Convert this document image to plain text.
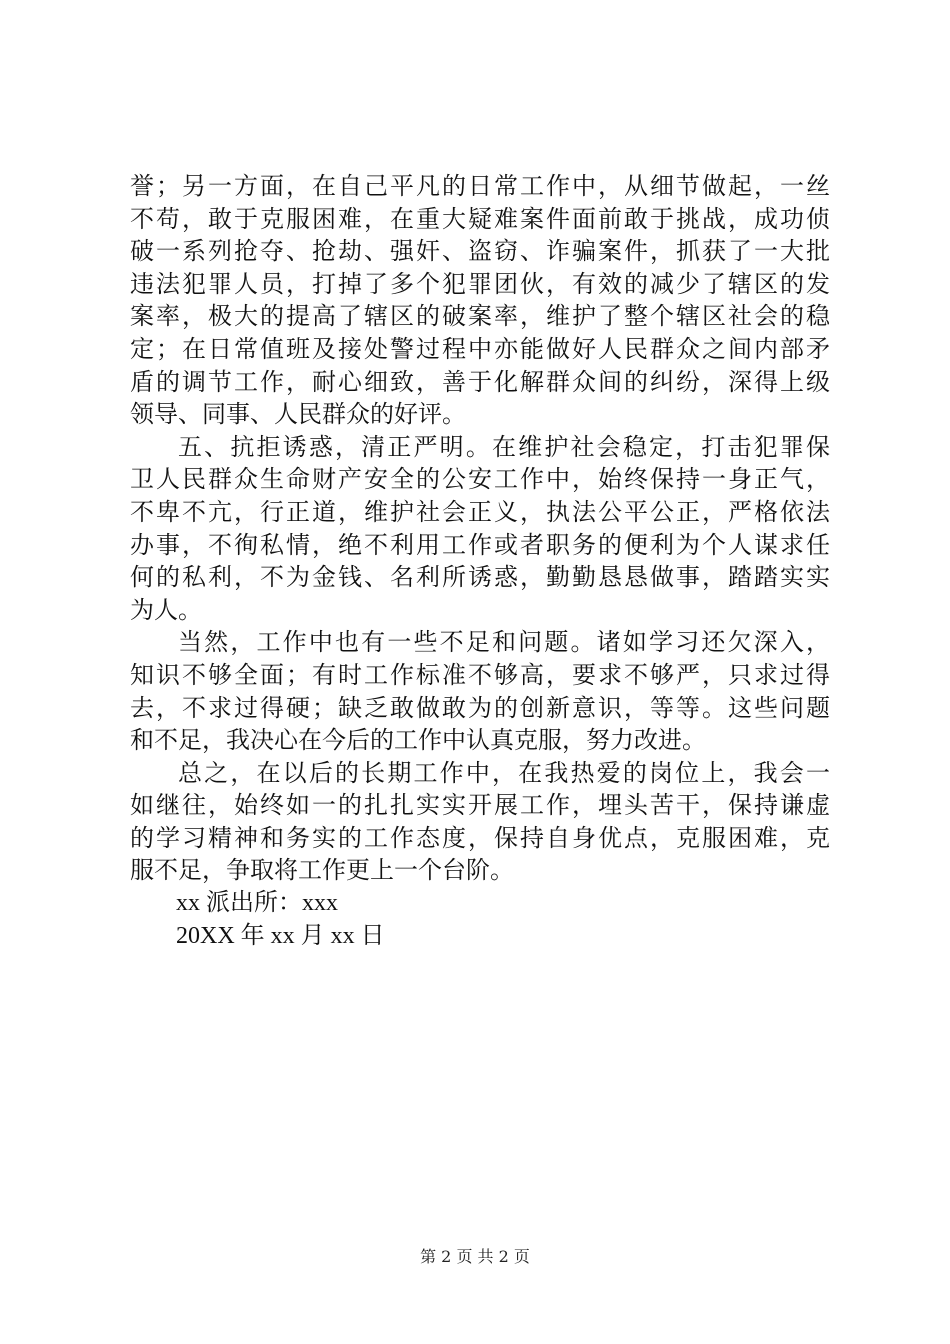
誉；另一方面，在自己平凡的日常工作中，从细节做起，一丝
不苟，敢于克服困难，在重大疑难案件面前敢于挑战，成功侦
破一系列抢夺、抢劫、强奸、盗窃、诈骗案件，抓获了一大批
违法犯罪人员，打掉了多个犯罪团伙，有效的减少了辖区的发
案率，极大的提高了辖区的破案率，维护了整个辖区社会的稳
定；在日常值班及接处警过程中亦能做好人民群众之间内部矛
盾的调节工作，耐心细致，善于化解群众间的纠纷，深得上级
领导、同事、人民群众的好评。
五、抗拒诱惑，清正严明。在维护社会稳定，打击犯罪保
卫人民群众生命财产安全的公安工作中，始终保持一身正气，
不卑不亢，行正道，维护社会正义，执法公平公正，严格依法
办事，不徇私情，绝不利用工作或者职务的便利为个人谋求任
何的私利，不为金钱、名利所诱惑，勤勤恳恳做事，踏踏实实
为人。
当然，工作中也有一些不足和问题。诸如学习还欠深入，
知识不够全面；有时工作标准不够高，要求不够严，只求过得
去，不求过得硬；缺乏敢做敢为的创新意识，等等。这些问题
和不足，我决心在今后的工作中认真克服，努力改进。
总之，在以后的长期工作中，在我热爱的岗位上，我会一
如继往，始终如一的扎扎实实开展工作，埋头苦干，保持谦虚
的学习精神和务实的工作态度，保持自身优点，克服困难，克
服不足，争取将工作更上一个台阶。
xx 派出所：xxx
20XX 年 xx 月 xx 日
第 2 页 共 2 页
